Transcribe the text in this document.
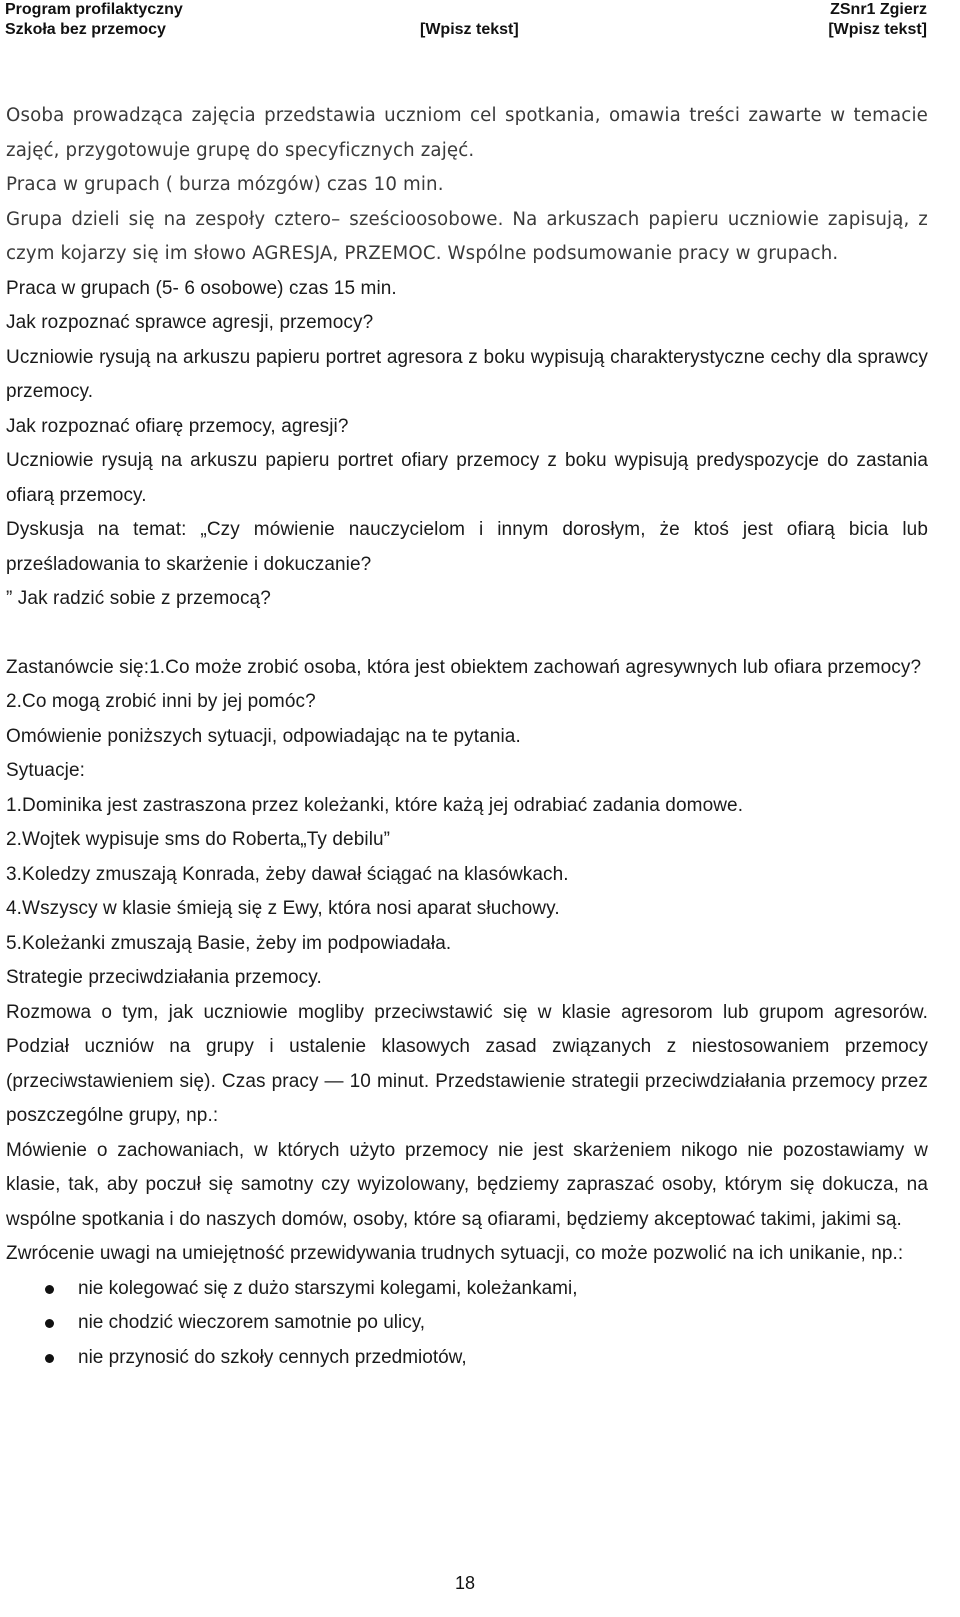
Program profilaktyczny
Szkoła bez przemocy	[Wpisz tekst]
ZSnr1 Zgierz
[Wpisz tekst]

Osoba prowadząca zajęcia przedstawia uczniom cel spotkania, omawia treści zawarte w temacie zajęć, przygotowuje grupę do specyficznych zajęć.

Praca w grupach ( burza mózgów) czas 10 min.

Grupa dzieli się na zespoły cztero– sześcioosobowe. Na arkuszach papieru uczniowie zapisują, z czym kojarzy się im słowo AGRESJA, PRZEMOC. Wspólne podsumowanie pracy w grupach.

Praca w grupach (5- 6 osobowe) czas 15 min.

Jak rozpoznać sprawce agresji, przemocy?

Uczniowie rysują na arkuszu papieru portret agresora z boku wypisują charakterystyczne cechy dla sprawcy przemocy.

Jak rozpoznać ofiarę przemocy, agresji?

Uczniowie rysują na arkuszu papieru portret ofiary przemocy z boku wypisują predyspozycje do zastania ofiarą przemocy.

Dyskusja na temat: „Czy mówienie nauczycielom i innym dorosłym, że ktoś jest ofiarą bicia lub prześladowania to skarżenie i dokuczanie?

” Jak radzić sobie z przemocą?

Zastanówcie się:1.Co może zrobić osoba, która jest obiektem zachowań agresywnych lub ofiara przemocy?

2.Co mogą zrobić inni by jej pomóc?

Omówienie poniższych sytuacji, odpowiadając na te pytania.

Sytuacje:

1.Dominika jest zastraszona przez koleżanki, które każą jej odrabiać zadania domowe.

2.Wojtek wypisuje sms do Roberta„Ty debilu”

3.Koledzy zmuszają Konrada, żeby dawał ściągać na klasówkach.

4.Wszyscy w klasie śmieją się z Ewy, która nosi aparat słuchowy.

5.Koleżanki zmuszają Basie, żeby im podpowiadała.

Strategie przeciwdziałania przemocy.

Rozmowa o tym, jak uczniowie mogliby przeciwstawić się w klasie agresorom lub grupom agresorów. Podział uczniów na grupy i ustalenie klasowych zasad związanych z niestosowaniem przemocy (przeciwstawieniem się). Czas pracy — 10 minut. Przedstawienie strategii przeciwdziałania przemocy przez poszczególne grupy, np.:

Mówienie o zachowaniach, w których użyto przemocy nie jest skarżeniem nikogo nie pozostawiamy w klasie, tak, aby poczuł się samotny czy wyizolowany, będziemy zapraszać osoby, którym się dokucza, na wspólne spotkania i do naszych domów, osoby, które są ofiarami, będziemy akceptować takimi, jakimi są.

Zwrócenie uwagi na umiejętność przewidywania trudnych sytuacji, co może pozwolić na ich unikanie, np.:

nie kolegować się z dużo starszymi kolegami, koleżankami,
nie chodzić wieczorem samotnie po ulicy,
nie przynosić do szkoły cennych przedmiotów,
18
